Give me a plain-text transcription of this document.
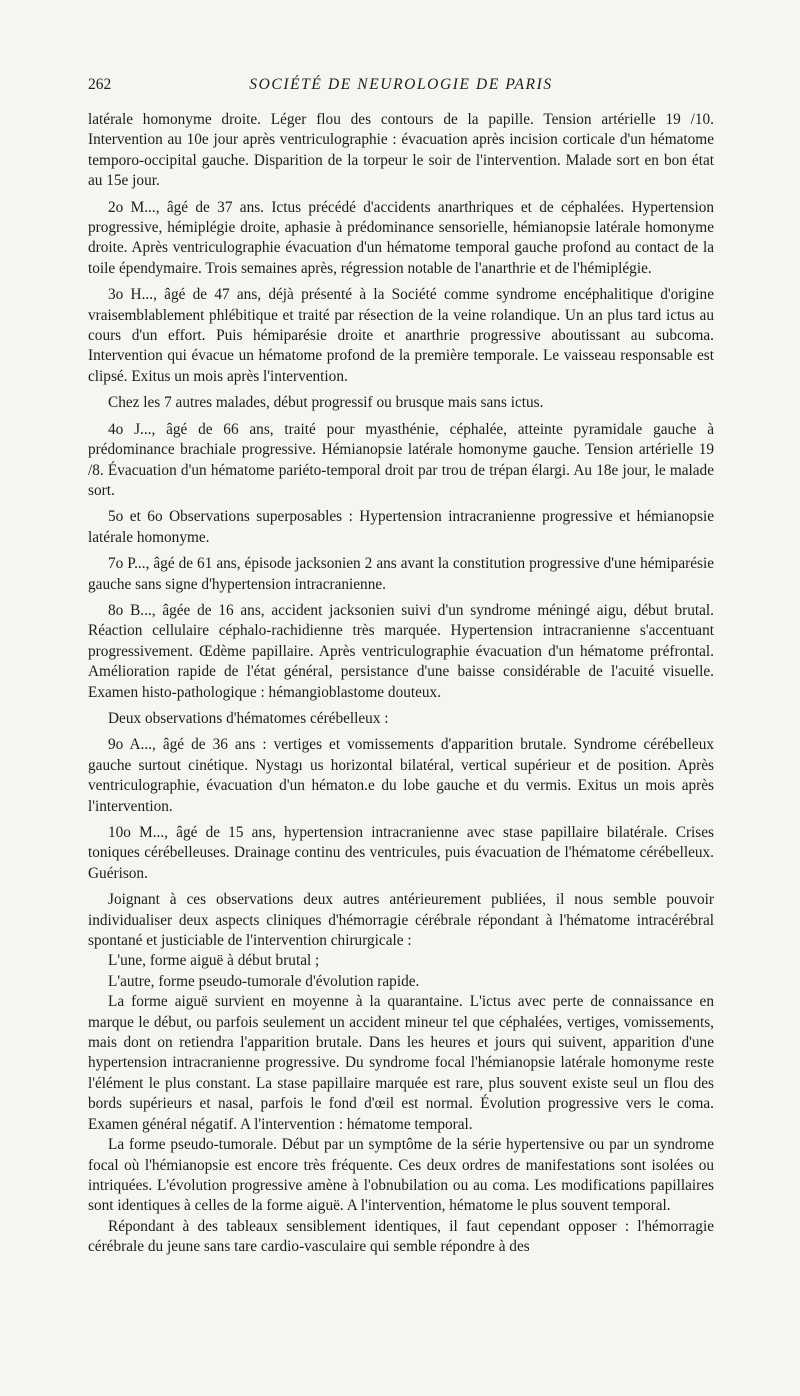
262	SOCIÉTÉ DE NEUROLOGIE DE PARIS

latérale homonyme droite. Léger flou des contours de la papille. Tension artérielle 19 /10. Intervention au 10e jour après ventriculographie : évacuation après incision corticale d'un hématome temporo-occipital gauche. Disparition de la torpeur le soir de l'intervention. Malade sort en bon état au 15e jour.

2o M..., âgé de 37 ans. Ictus précédé d'accidents anarthriques et de céphalées. Hypertension progressive, hémiplégie droite, aphasie à prédominance sensorielle, hémianopsie latérale homonyme droite. Après ventriculographie évacuation d'un hématome temporal gauche profond au contact de la toile épendymaire. Trois semaines après, régression notable de l'anarthrie et de l'hémiplégie.

3o H..., âgé de 47 ans, déjà présenté à la Société comme syndrome encéphalitique d'origine vraisemblablement phlébitique et traité par résection de la veine rolandique. Un an plus tard ictus au cours d'un effort. Puis hémiparésie droite et anarthrie progressive aboutissant au subcoma. Intervention qui évacue un hématome profond de la première temporale. Le vaisseau responsable est clipsé. Exitus un mois après l'intervention.

Chez les 7 autres malades, début progressif ou brusque mais sans ictus.

4o J..., âgé de 66 ans, traité pour myasthénie, céphalée, atteinte pyramidale gauche à prédominance brachiale progressive. Hémianopsie latérale homonyme gauche. Tension artérielle 19 /8. Évacuation d'un hématome pariéto-temporal droit par trou de trépan élargi. Au 18e jour, le malade sort.

5o et 6o Observations superposables : Hypertension intracranienne progressive et hémianopsie latérale homonyme.

7o P..., âgé de 61 ans, épisode jacksonien 2 ans avant la constitution progressive d'une hémiparésie gauche sans signe d'hypertension intracranienne.

8o B..., âgée de 16 ans, accident jacksonien suivi d'un syndrome méningé aigu, début brutal. Réaction cellulaire céphalo-rachidienne très marquée. Hypertension intracranienne s'accentuant progressivement. Œdème papillaire. Après ventriculographie évacuation d'un hématome préfrontal. Amélioration rapide de l'état général, persistance d'une baisse considérable de l'acuité visuelle. Examen histo-pathologique : hémangioblastome douteux.

Deux observations d'hématomes cérébelleux :

9o A..., âgé de 36 ans : vertiges et vomissements d'apparition brutale. Syndrome cérébelleux gauche surtout cinétique. Nystagı us horizontal bilatéral, vertical supérieur et de position. Après ventriculographie, évacuation d'un hématon.e du lobe gauche et du vermis. Exitus un mois après l'intervention.

10o M..., âgé de 15 ans, hypertension intracranienne avec stase papillaire bilatérale. Crises toniques cérébelleuses. Drainage continu des ventricules, puis évacuation de l'hématome cérébelleux. Guérison.

Joignant à ces observations deux autres antérieurement publiées, il nous semble pouvoir individualiser deux aspects cliniques d'hémorragie cérébrale répondant à l'hématome intracérébral spontané et justiciable de l'intervention chirurgicale :

L'une, forme aiguë à début brutal ;

L'autre, forme pseudo-tumorale d'évolution rapide.

La forme aiguë survient en moyenne à la quarantaine. L'ictus avec perte de connaissance en marque le début, ou parfois seulement un accident mineur tel que céphalées, vertiges, vomissements, mais dont on retiendra l'apparition brutale. Dans les heures et jours qui suivent, apparition d'une hypertension intracranienne progressive. Du syndrome focal l'hémianopsie latérale homonyme reste l'élément le plus constant. La stase papillaire marquée est rare, plus souvent existe seul un flou des bords supérieurs et nasal, parfois le fond d'œil est normal. Évolution progressive vers le coma. Examen général négatif. A l'intervention : hématome temporal.

La forme pseudo-tumorale. Début par un symptôme de la série hypertensive ou par un syndrome focal où l'hémianopsie est encore très fréquente. Ces deux ordres de manifestations sont isolées ou intriquées. L'évolution progressive amène à l'obnubilation ou au coma. Les modifications papillaires sont identiques à celles de la forme aiguë. A l'intervention, hématome le plus souvent temporal.

Répondant à des tableaux sensiblement identiques, il faut cependant opposer : l'hémorragie cérébrale du jeune sans tare cardio-vasculaire qui semble répondre à des
